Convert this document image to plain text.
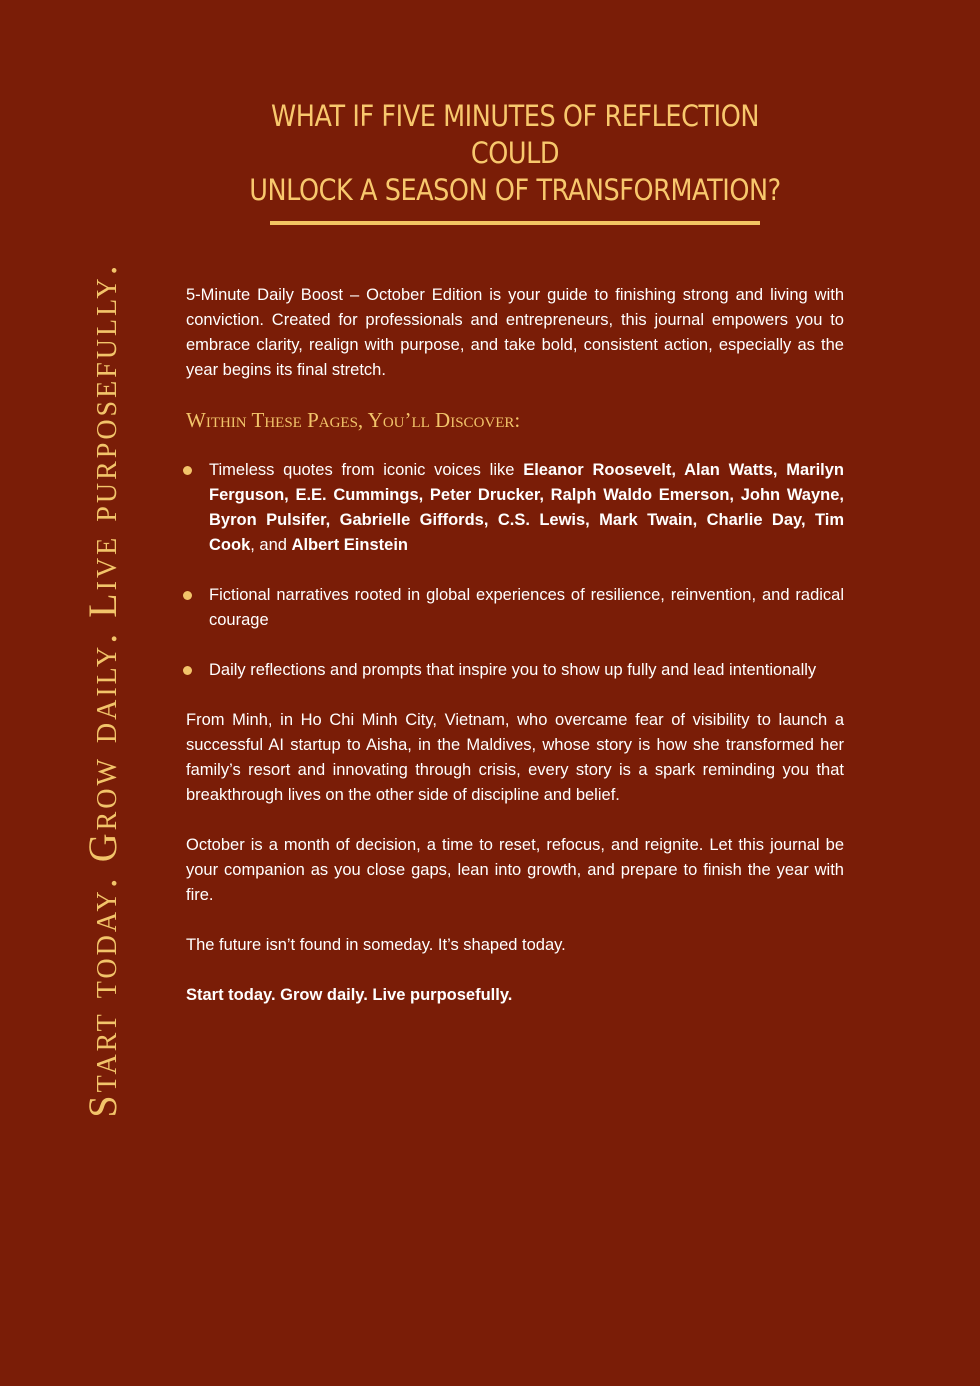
Start today. Grow daily. Live purposefully.
WHAT IF FIVE MINUTES OF REFLECTION COULD
UNLOCK A SEASON OF TRANSFORMATION?

5-Minute Daily Boost – October Edition is your guide to finishing strong and living with conviction. Created for professionals and entrepreneurs, this journal empowers you to embrace clarity, realign with purpose, and take bold, consistent action, especially as the year begins its final stretch.

Within These Pages, You’ll Discover:
Timeless quotes from iconic voices like Eleanor Roosevelt, Alan Watts, Marilyn Ferguson, E.E. Cummings, Peter Drucker, Ralph Waldo Emerson, John Wayne, Byron Pulsifer, Gabrielle Giffords, C.S. Lewis, Mark Twain, Charlie Day, Tim Cook, and Albert Einstein
Fictional narratives rooted in global experiences of resilience, reinvention, and radical courage
Daily reflections and prompts that inspire you to show up fully and lead intentionally

From Minh, in Ho Chi Minh City, Vietnam, who overcame fear of visibility to launch a successful AI startup to Aisha, in the Maldives, whose story is how she transformed her family’s resort and innovating through crisis, every story is a spark reminding you that breakthrough lives on the other side of discipline and belief.

October is a month of decision, a time to reset, refocus, and reignite. Let this journal be your companion as you close gaps, lean into growth, and prepare to finish the year with fire.

The future isn’t found in someday. It’s shaped today.

Start today. Grow daily. Live purposefully.
